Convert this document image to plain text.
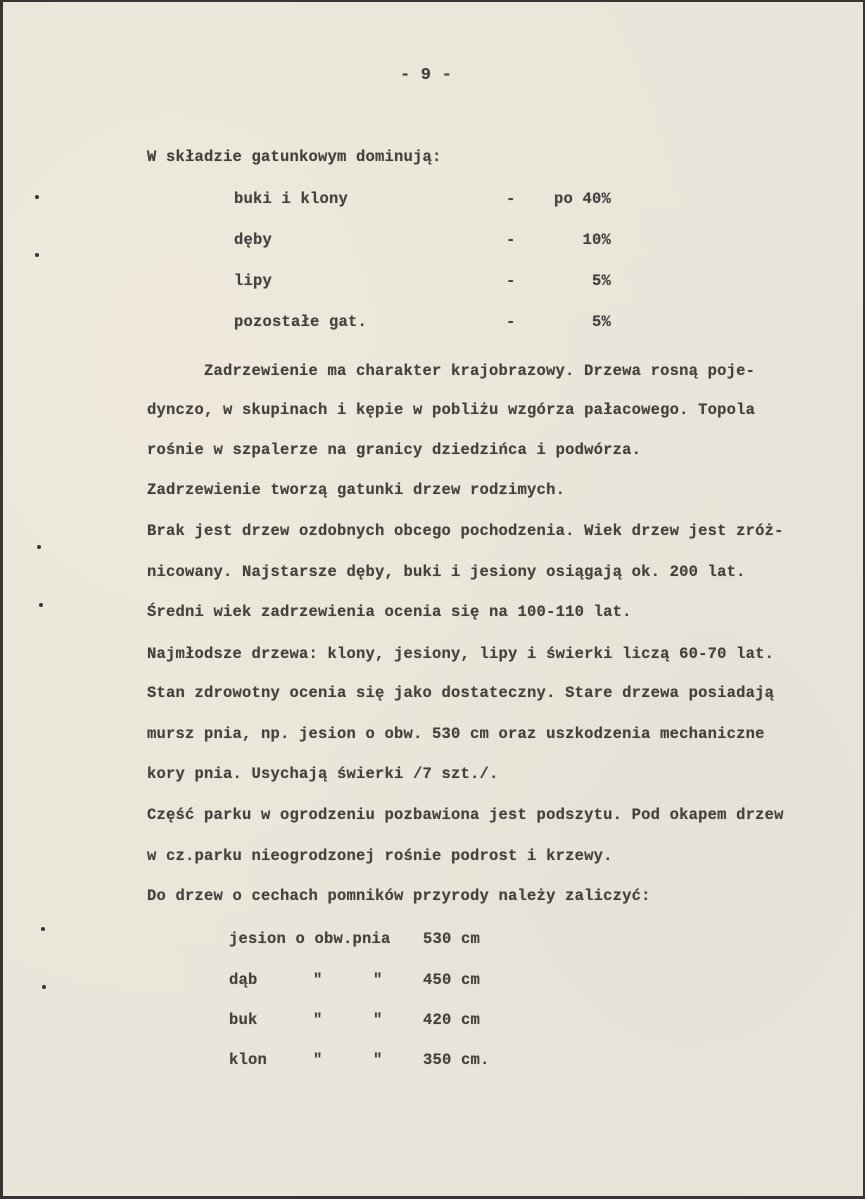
- 9 -
W składzie gatunkowym dominują:
buki i klony	-	po 40%
dęby	-	10%
lipy	-	5%
pozostałe gat.	-	5%
Zadrzewienie ma charakter krajobrazowy. Drzewa rosną poje-
dynczo, w skupinach i kępie w pobliżu wzgórza pałacowego. Topola
rośnie w szpalerze na granicy dziedzińca i podwórza.
Zadrzewienie tworzą gatunki drzew rodzimych.
Brak jest drzew ozdobnych obcego pochodzenia. Wiek drzew jest zróż-
nicowany. Najstarsze dęby, buki i jesiony osiągają ok. 200 lat.
Średni wiek zadrzewienia ocenia się na 100-110 lat.
Najmłodsze drzewa: klony, jesiony, lipy i świerki liczą 60-70 lat.
Stan zdrowotny ocenia się jako dostateczny. Stare drzewa posiadają
mursz pnia, np. jesion o obw. 530 cm oraz uszkodzenia mechaniczne
kory pnia. Usychają świerki /7 szt./.
Część parku w ogrodzeniu pozbawiona jest podszytu. Pod okapem drzew
w cz.parku nieogrodzonej rośnie podrost i krzewy.
Do drzew o cechach pomników przyrody należy zaliczyć:
jesion o obw.pnia 530 cm
dąb	"	"	450 cm
buk	"	"	420 cm
klon	"	"	350 cm.
